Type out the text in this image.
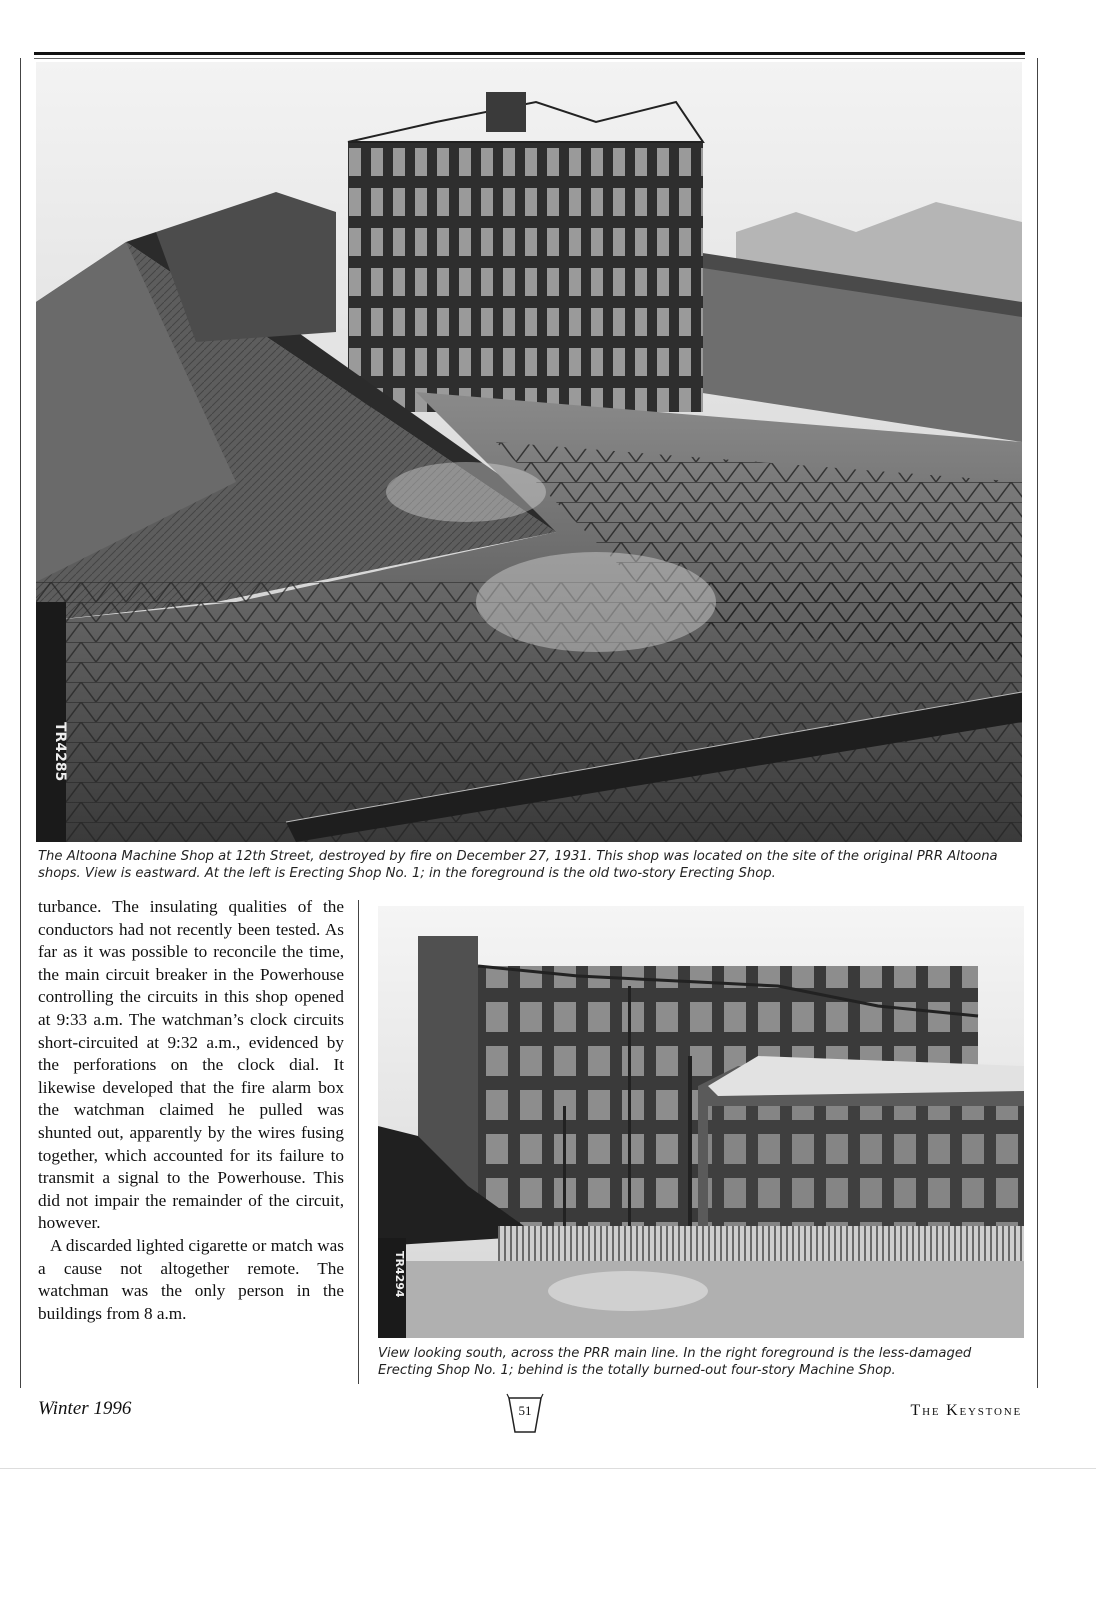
TR4285
The Altoona Machine Shop at 12th Street, destroyed by fire on December 27, 1931. This shop was located on the site of the original PRR Altoona shops. View is eastward. At the left is Erecting Shop No. 1; in the foreground is the old two-story Erecting Shop.

turbance. The insulating qualities of the conductors had not recently been tested. As far as it was possible to reconcile the time, the main circuit breaker in the Powerhouse controlling the circuits in this shop opened at 9:33 a.m. The watchman’s clock circuits short-circuited at 9:32 a.m., evidenced by the perforations on the clock dial. It likewise developed that the fire alarm box the watchman claimed he pulled was shunted out, apparently by the wires fusing together, which accounted for its failure to transmit a signal to the Powerhouse. This did not impair the remainder of the circuit, however.

A discarded lighted cigarette or match was a cause not altogether remote. The watchman was the only person in the buildings from 8 a.m.

TR4294
View looking south, across the PRR main line. In the right foreground is the less-damaged Erecting Shop No. 1; behind is the totally burned-out four-story Machine Shop.
Winter 1996	51	The Keystone
